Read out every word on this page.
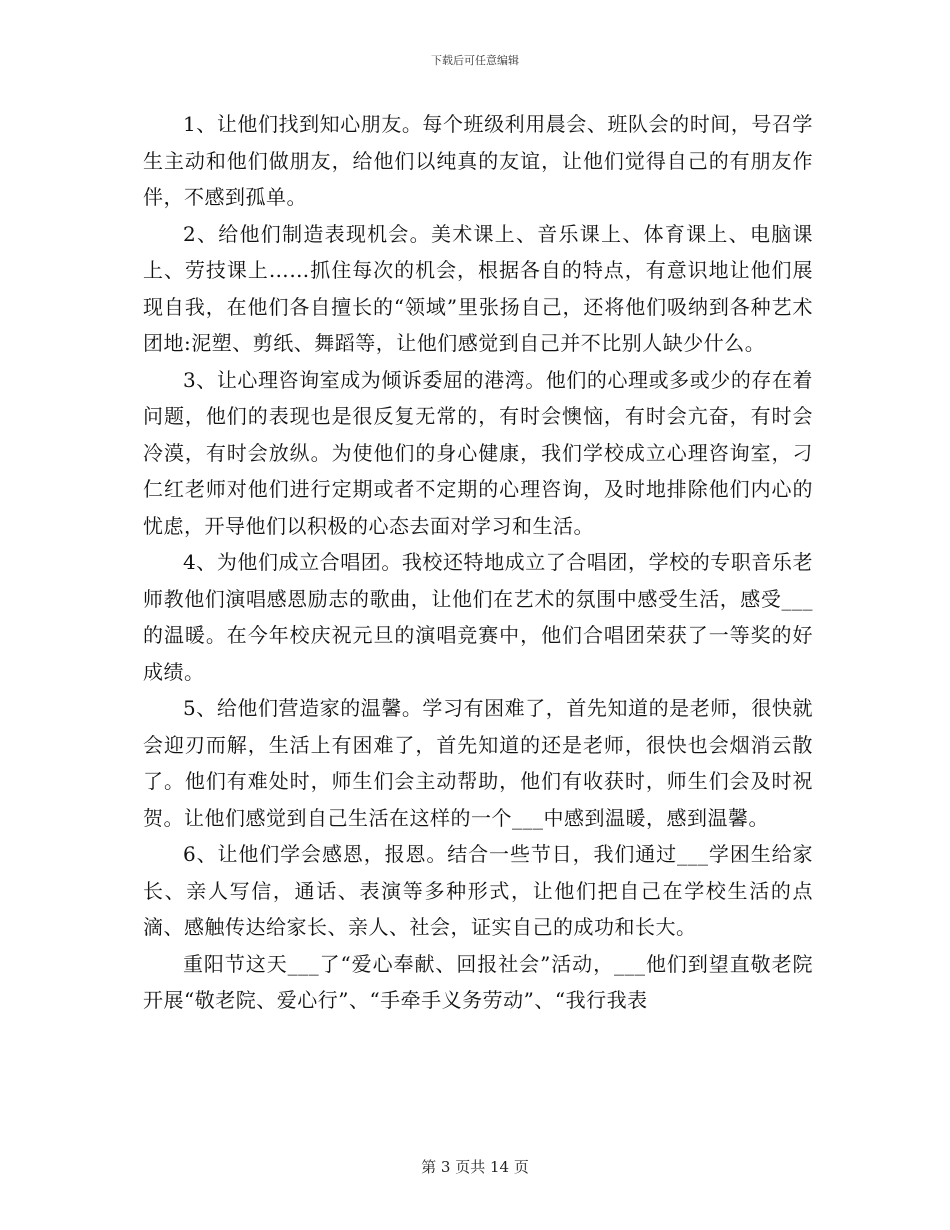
下载后可任意编辑

1、让他们找到知心朋友。每个班级利用晨会、班队会的时间，号召学生主动和他们做朋友，给他们以纯真的友谊，让他们觉得自己的有朋友作伴，不感到孤单。

2、给他们制造表现机会。美术课上、音乐课上、体育课上、电脑课上、劳技课上……抓住每次的机会，根据各自的特点，有意识地让他们展现自我，在他们各自擅长的“领域”里张扬自己，还将他们吸纳到各种艺术团地:泥塑、剪纸、舞蹈等，让他们感觉到自己并不比别人缺少什么。

3、让心理咨询室成为倾诉委屈的港湾。他们的心理或多或少的存在着问题，他们的表现也是很反复无常的，有时会懊恼，有时会亢奋，有时会冷漠，有时会放纵。为使他们的身心健康，我们学校成立心理咨询室，刁仁红老师对他们进行定期或者不定期的心理咨询，及时地排除他们内心的忧虑，开导他们以积极的心态去面对学习和生活。

4、为他们成立合唱团。我校还特地成立了合唱团，学校的专职音乐老师教他们演唱感恩励志的歌曲，让他们在艺术的氛围中感受生活，感受___的温暖。在今年校庆祝元旦的演唱竞赛中，他们合唱团荣获了一等奖的好成绩。

5、给他们营造家的温馨。学习有困难了，首先知道的是老师，很快就会迎刃而解，生活上有困难了，首先知道的还是老师，很快也会烟消云散了。他们有难处时，师生们会主动帮助，他们有收获时，师生们会及时祝贺。让他们感觉到自己生活在这样的一个___中感到温暖，感到温馨。

6、让他们学会感恩，报恩。结合一些节日，我们通过___学困生给家长、亲人写信，通话、表演等多种形式，让他们把自己在学校生活的点滴、感触传达给家长、亲人、社会，证实自己的成功和长大。

重阳节这天___了“爱心奉献、回报社会”活动，___他们到望直敬老院开展“敬老院、爱心行”、“手牵手义务劳动”、“我行我表

第 3 页共 14 页
